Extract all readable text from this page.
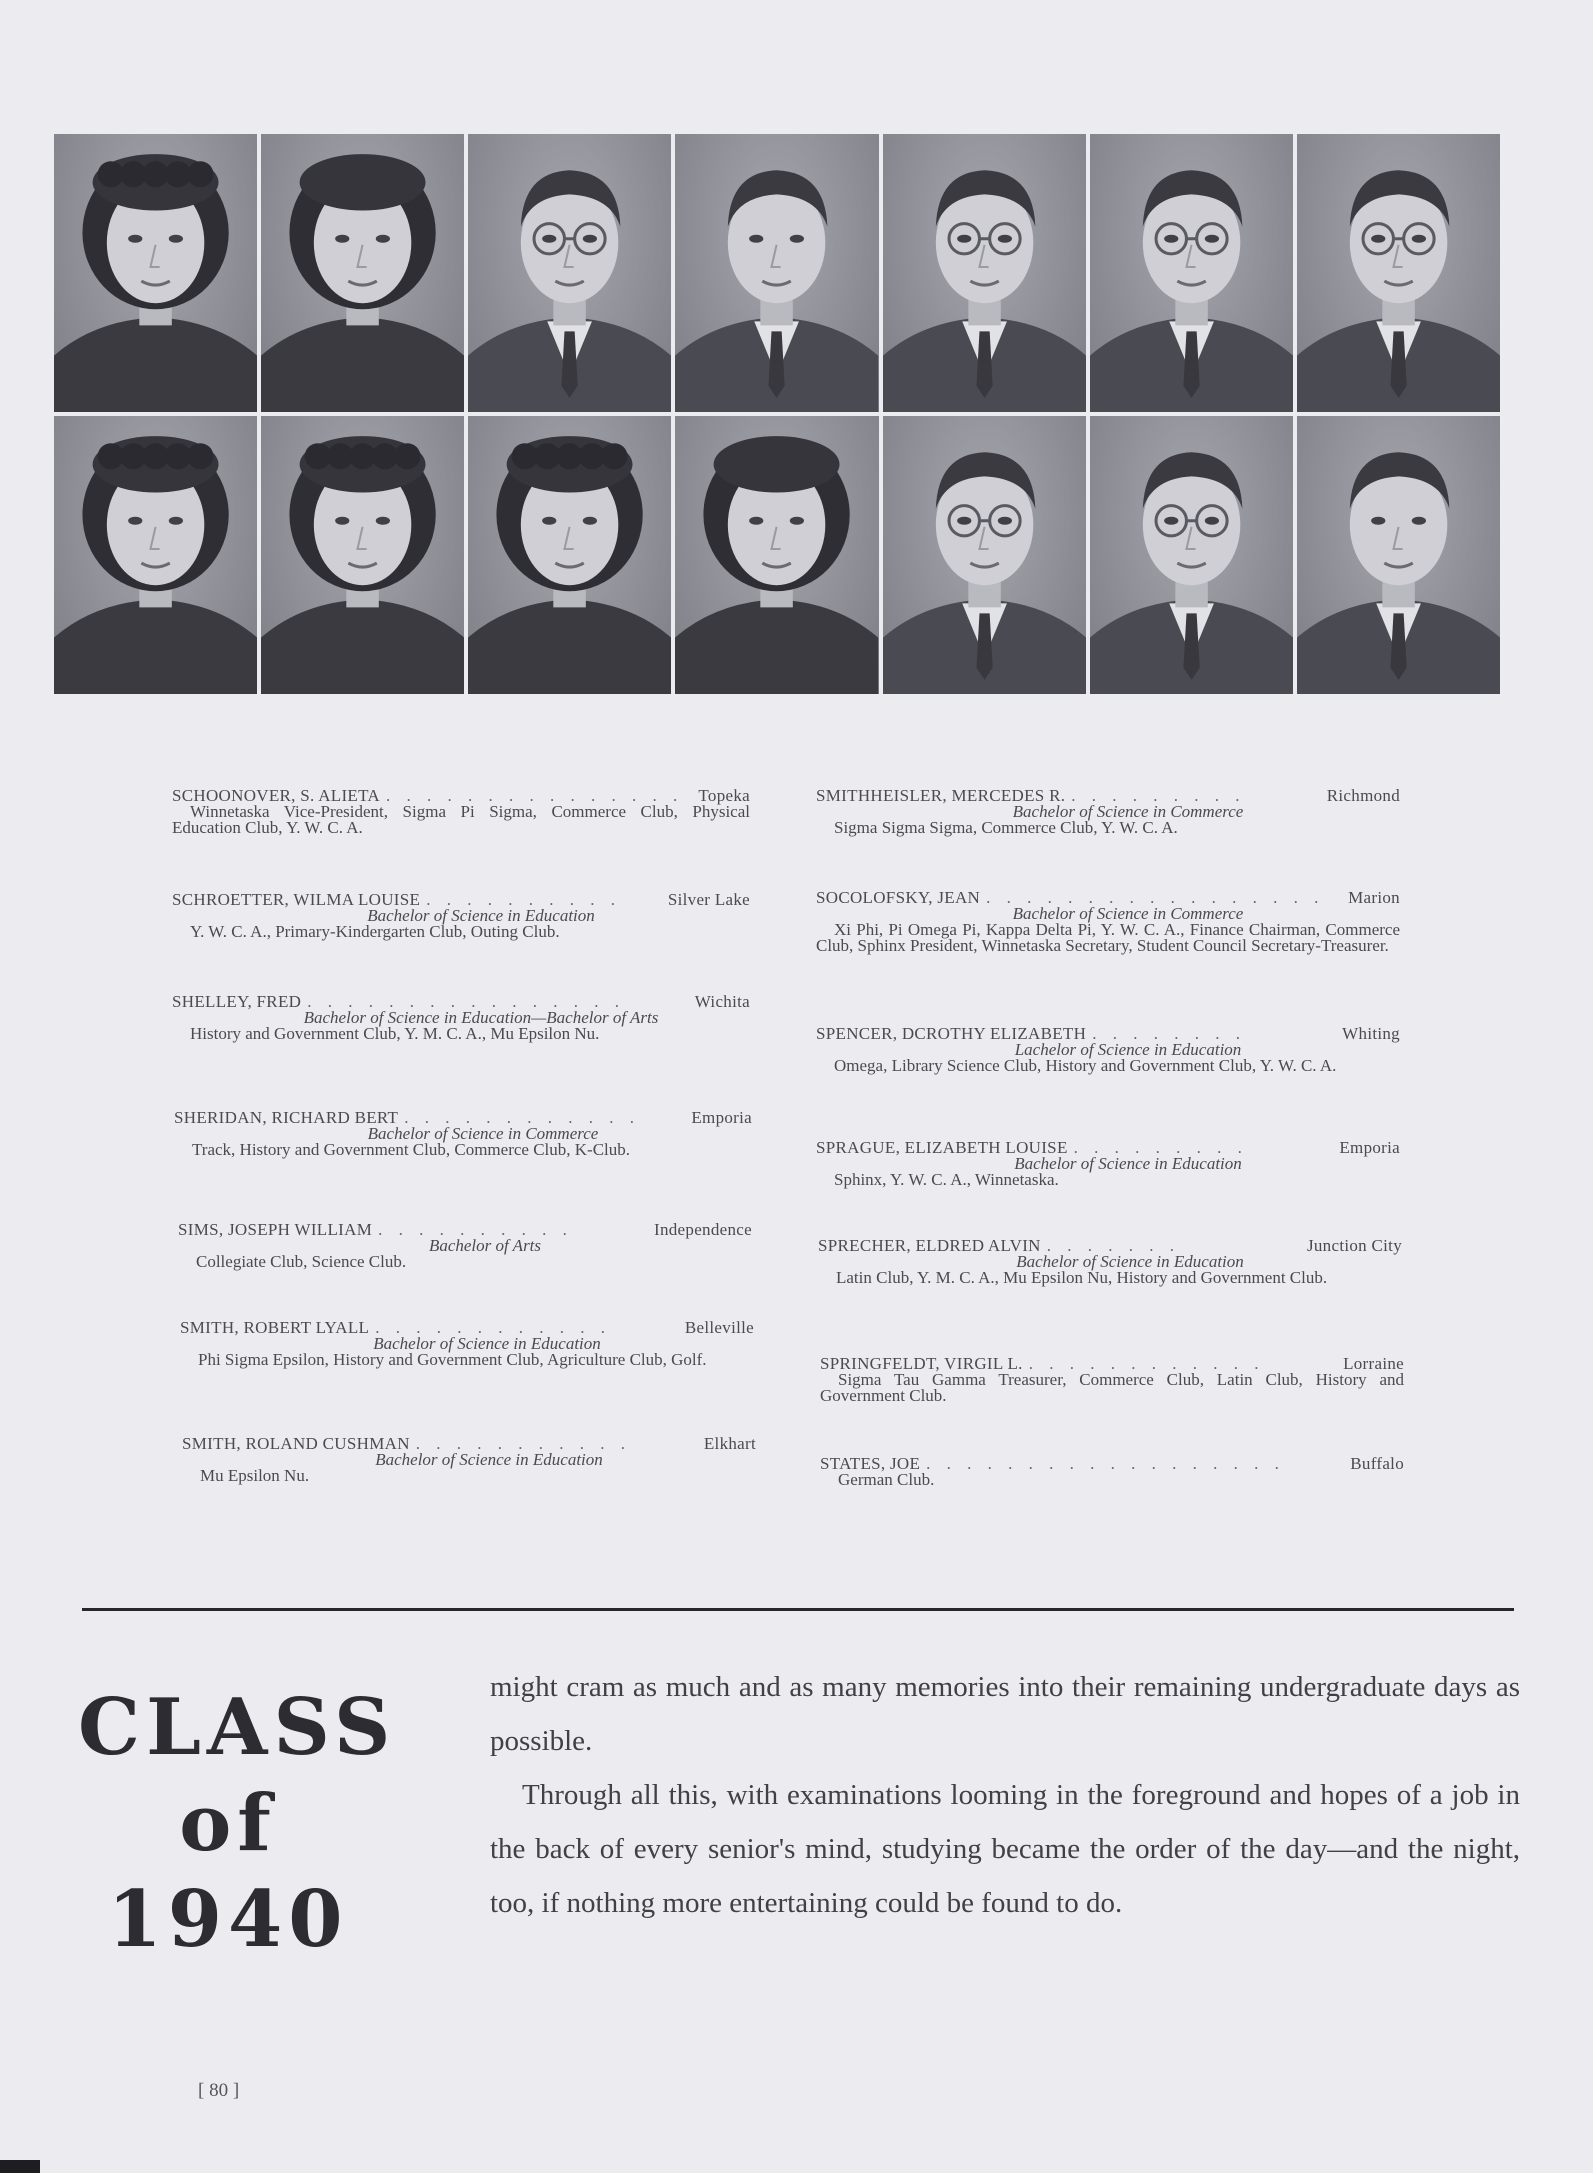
SCHOONOVER, S. ALIETA . . . . . . . . . . . . . . . Topeka
Winnetaska Vice-President, Sigma Pi Sigma, Commerce Club, Physical Education Club, Y. W. C. A.
SCHROETTER, WILMA LOUISE . . . . . . . . . .	Silver Lake
Bachelor of Science in Education
Y. W. C. A., Primary-Kindergarten Club, Outing Club.
SHELLEY, FRED . . . . . . . . . . . . . . . .	Wichita
Bachelor of Science in Education—Bachelor of Arts
History and Government Club, Y. M. C. A., Mu Epsilon Nu.
SHERIDAN, RICHARD BERT . . . . . . . . . . . .	Emporia
Bachelor of Science in Commerce
Track, History and Government Club, Commerce Club, K-Club.
SIMS, JOSEPH WILLIAM . . . . . . . . . .	Independence
Bachelor of Arts
Collegiate Club, Science Club.
SMITH, ROBERT LYALL . . . . . . . . . . . .	Belleville
Bachelor of Science in Education
Phi Sigma Epsilon, History and Government Club, Agriculture Club, Golf.
SMITH, ROLAND CUSHMAN . . . . . . . . . . .	Elkhart
Bachelor of Science in Education
Mu Epsilon Nu.
SMITHHEISLER, MERCEDES R. . . . . . . . . .	Richmond
Bachelor of Science in Commerce
Sigma Sigma Sigma, Commerce Club, Y. W. C. A.
SOCOLOFSKY, JEAN . . . . . . . . . . . . . . . . .	Marion
Bachelor of Science in Commerce
Xi Phi, Pi Omega Pi, Kappa Delta Pi, Y. W. C. A., Finance Chairman, Commerce Club, Sphinx President, Winnetaska Secretary, Student Council Secretary-Treasurer.
SPENCER, DCROTHY ELIZABETH . . . . . . . .	Whiting
Lachelor of Science in Education
Omega, Library Science Club, History and Government Club, Y. W. C. A.
SPRAGUE, ELIZABETH LOUISE . . . . . . . . .	Emporia
Bachelor of Science in Education
Sphinx, Y. W. C. A., Winnetaska.
SPRECHER, ELDRED ALVIN . . . . . . .	Junction City
Bachelor of Science in Education
Latin Club, Y. M. C. A., Mu Epsilon Nu, History and Government Club.
SPRINGFELDT, VIRGIL L. . . . . . . . . . . . .	Lorraine
Sigma Tau Gamma Treasurer, Commerce Club, Latin Club, History and Government Club.
STATES, JOE . . . . . . . . . . . . . . . . . .	Buffalo
German Club.
CLASS
of
1940

might cram as much and as many memories into their remaining undergraduate days as possible.

Through all this, with examinations looming in the foreground and hopes of a job in the back of every senior's mind, studying became the order of the day—and the night, too, if nothing more entertaining could be found to do.

[ 80 ]
